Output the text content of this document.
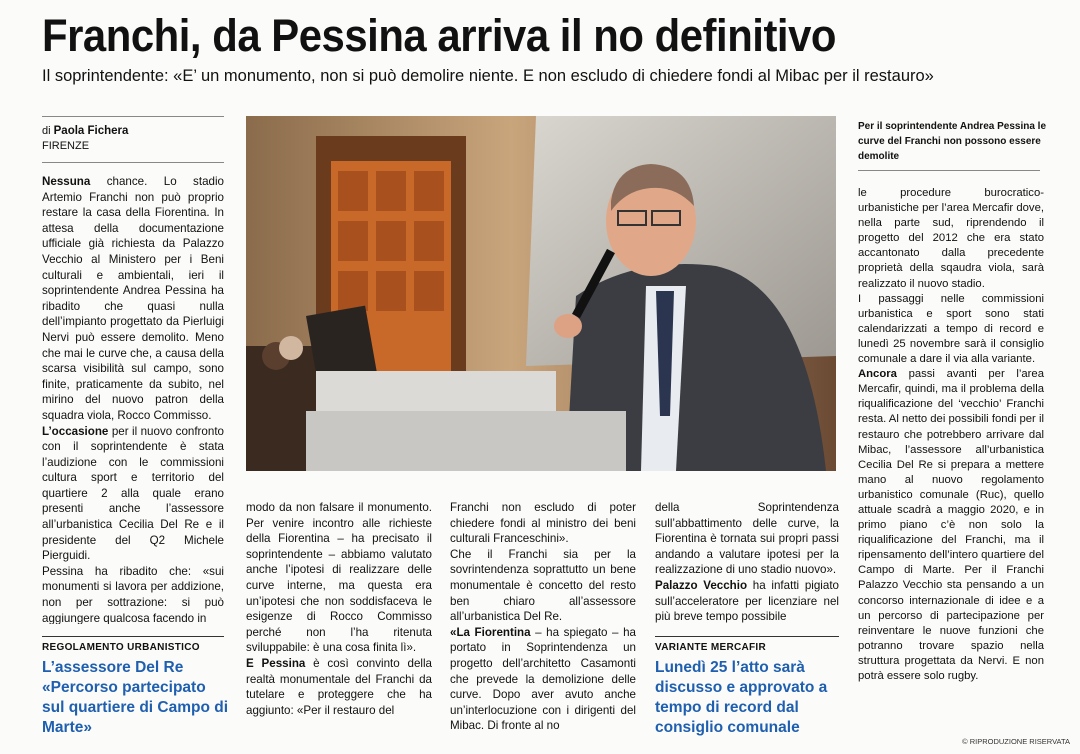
Franchi, da Pessina arriva il no definitivo
Il soprintendente: «E’ un monumento, non si può demolire niente. E non escludo di chiedere fondi al Mibac per il restauro»
di Paola Fichera
FIRENZE

Nessuna chance. Lo stadio Artemio Franchi non può proprio restare la casa della Fiorentina. In attesa della documentazione ufficiale già richiesta da Palazzo Vecchio al Ministero per i Beni culturali e ambientali, ieri il soprintendente Andrea Pessina ha ribadito che quasi nulla dell’impianto progettato da Pierluigi Nervi può essere demolito. Meno che mai le curve che, a causa della scarsa visibilità sul campo, sono finite, praticamente da subito, nel mirino del nuovo patron della squadra viola, Rocco Commisso.

L’occasione per il nuovo confronto con il soprintendente è stata l’audizione con le commissioni cultura sport e territorio del quartiere 2 alla quale erano presenti anche l’assessore all’urbanistica Cecilia Del Re e il presidente del Q2 Michele Pierguidi.

Pessina ha ribadito che: «sui monumenti si lavora per addizione, non per sottrazione: si può aggiungere qualcosa facendo in

REGOLAMENTO URBANISTICO
L’assessore Del Re «Percorso partecipato sul quartiere di Campo di Marte»
Per il soprintendente Andrea Pessina le curve del Franchi non possono essere demolite

modo da non falsare il monumento. Per venire incontro alle richieste della Fiorentina – ha precisato il soprintendente – abbiamo valutato anche l’ipotesi di realizzare delle curve interne, ma questa era un’ipotesi che non soddisfaceva le esigenze di Rocco Commisso perché non l’ha ritenuta sviluppabile: è una cosa finita lì».

E Pessina è così convinto della realtà monumentale del Franchi da tutelare e proteggere che ha aggiunto: «Per il restauro del

Franchi non escludo di poter chiedere fondi al ministro dei beni culturali Franceschini».

Che il Franchi sia per la sovrintendenza soprattutto un bene monumentale è concetto del resto ben chiaro all’assessore all’urbanistica Del Re.

«La Fiorentina – ha spiegato – ha portato in Soprintendenza un progetto dell’architetto Casamonti che prevede la demolizione delle curve. Dopo aver avuto anche un’interlocuzione con i dirigenti del Mibac. Di fronte al no

della Soprintendenza sull’abbattimento delle curve, la Fiorentina è tornata sui propri passi andando a valutare ipotesi per la realizzazione di uno stadio nuovo».

Palazzo Vecchio ha infatti pigiato sull’acceleratore per licenziare nel più breve tempo possibile

VARIANTE MERCAFIR
Lunedì 25 l’atto sarà discusso e approvato a tempo di record dal consiglio comunale

le procedure burocratico-urbanistiche per l’area Mercafir dove, nella parte sud, riprendendo il progetto del 2012 che era stato accantonato dalla precedente proprietà della sqaudra viola, sarà realizzato il nuovo stadio.

I passaggi nelle commissioni urbanistica e sport sono stati calendarizzati a tempo di record e lunedì 25 novembre sarà il consiglio comunale a dare il via alla variante.

Ancora passi avanti per l’area Mercafir, quindi, ma il problema della riqualificazione del ‘vecchio’ Franchi resta. Al netto dei possibili fondi per il restauro che potrebbero arrivare dal Mibac, l’assessore all’urbanistica Cecilia Del Re si prepara a mettere mano al nuovo regolamento urbanistico comunale (Ruc), quello attuale scadrà a maggio 2020, e in primo piano c’è non solo la riqualificazione del Franchi, ma il ripensamento dell’intero quartiere del Campo di Marte. Per il Franchi Palazzo Vecchio sta pensando a un concorso internazionale di idee e a un percorso di partecipazione per reinventare le nuove funzioni che potranno trovare spazio nella struttura progettata da Nervi. E non potrà essere solo rugby.

© RIPRODUZIONE RISERVATA
